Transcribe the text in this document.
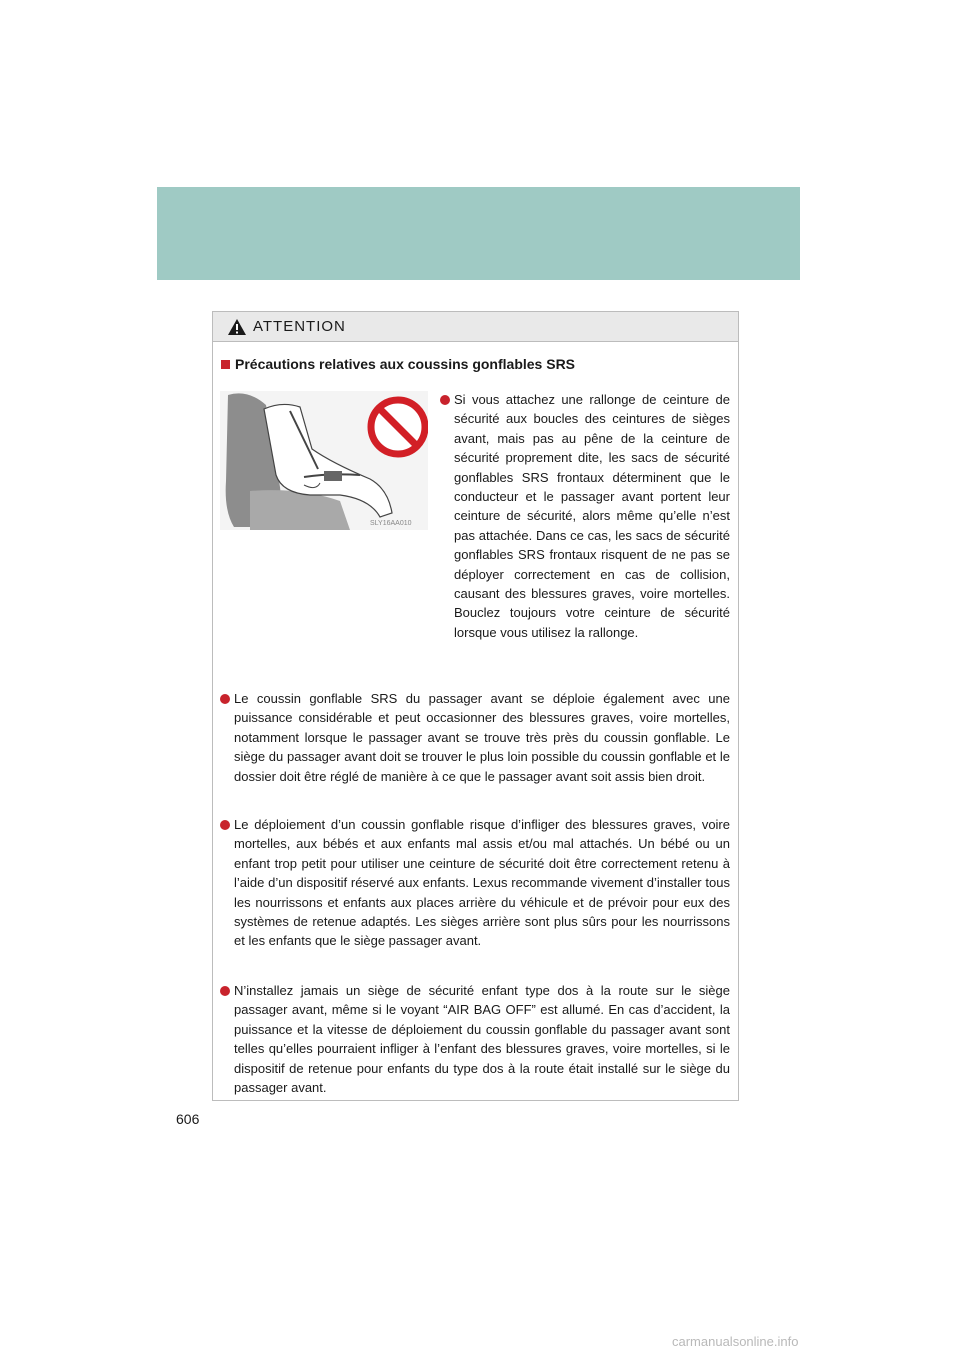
ATTENTION
Précautions relatives aux coussins gonflables SRS
SLY16AA010
Si vous attachez une rallonge de ceinture de sécurité aux boucles des ceintures de sièges avant, mais pas au pêne de la ceinture de sécurité proprement dite, les sacs de sécurité gonflables SRS frontaux déterminent que le conducteur et le passager avant portent leur ceinture de sécurité, alors même qu’elle n’est pas attachée. Dans ce cas, les sacs de sécurité gonflables SRS frontaux risquent de ne pas se déployer correctement en cas de collision, causant des blessures graves, voire mortelles. Bouclez toujours votre ceinture de sécurité lorsque vous utilisez la rallonge.
Le coussin gonflable SRS du passager avant se déploie également avec une puissance considérable et peut occasionner des blessures graves, voire mortelles, notamment lorsque le passager avant se trouve très près du coussin gonflable. Le siège du passager avant doit se trouver le plus loin possible du coussin gonflable et le dossier doit être réglé de manière à ce que le passager avant soit assis bien droit.
Le déploiement d’un coussin gonflable risque d’infliger des blessures graves, voire mortelles, aux bébés et aux enfants mal assis et/ou mal attachés. Un bébé ou un enfant trop petit pour utiliser une ceinture de sécurité doit être correctement retenu à l’aide d’un dispositif réservé aux enfants. Lexus recommande vivement d’installer tous les nourrissons et enfants aux places arrière du véhicule et de prévoir pour eux des systèmes de retenue adaptés. Les sièges arrière sont plus sûrs pour les nourrissons et les enfants que le siège passager avant.
N’installez jamais un siège de sécurité enfant type dos à la route sur le siège passager avant, même si le voyant “AIR BAG OFF” est allumé. En cas d’accident, la puissance et la vitesse de déploiement du coussin gonflable du passager avant sont telles qu’elles pourraient infliger à l’enfant des blessures graves, voire mortelles, si le dispositif de retenue pour enfants du type dos à la route était installé sur le siège du passager avant.
606
carmanualsonline.info
